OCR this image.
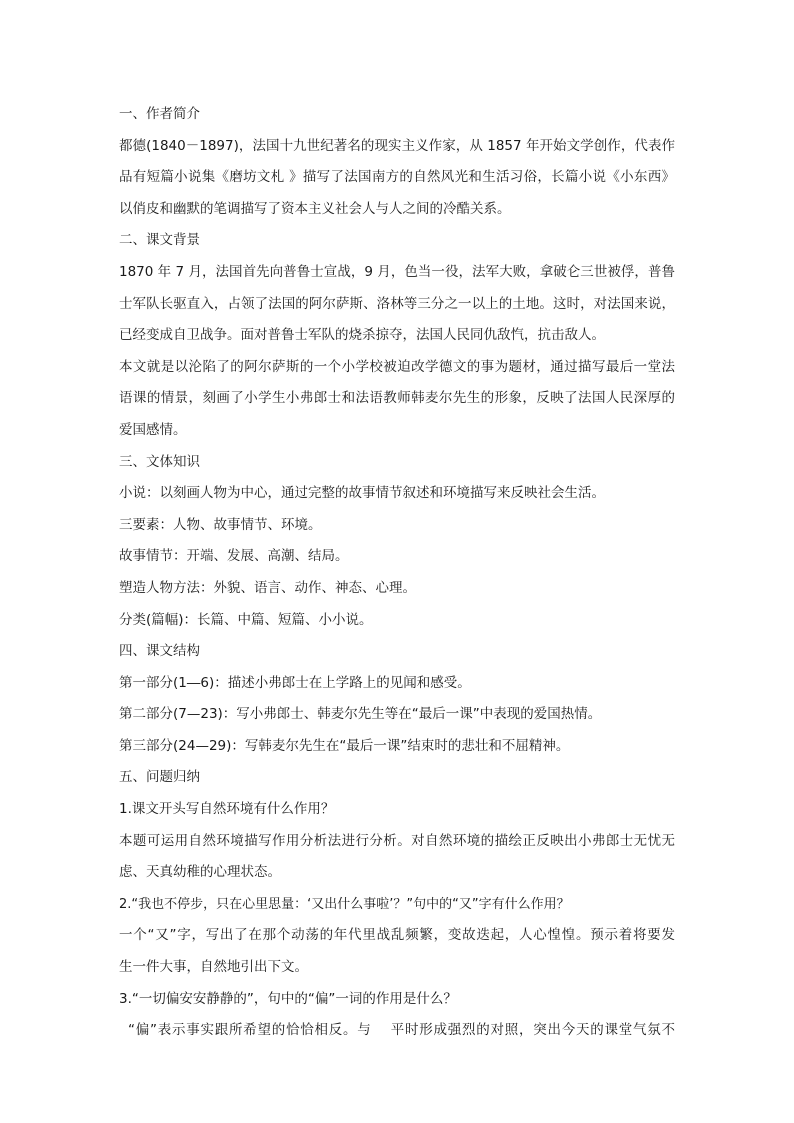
一、作者简介
都德(1840－1897)，法国十九世纪著名的现实主义作家，从 1857 年开始文学创作，代表作
品有短篇小说集《磨坊文札 》描写了法国南方的自然风光和生活习俗，长篇小说《小东西》
以俏皮和幽默的笔调描写了资本主义社会人与人之间的冷酷关系。
二、课文背景
1870 年 7 月，法国首先向普鲁士宣战，9 月，色当一役，法军大败，拿破仑三世被俘，普鲁
士军队长驱直入，占领了法国的阿尔萨斯、洛林等三分之一以上的土地。这时，对法国来说，
已经变成自卫战争。面对普鲁士军队的烧杀掠夺，法国人民同仇敌忾，抗击敌人。
本文就是以沦陷了的阿尔萨斯的一个小学校被迫改学德文的事为题材，通过描写最后一堂法
语课的情景，刻画了小学生小弗郎士和法语教师韩麦尔先生的形象，反映了法国人民深厚的
爱国感情。
三、文体知识
小说：以刻画人物为中心，通过完整的故事情节叙述和环境描写来反映社会生活。
三要素：人物、故事情节、环境。
故事情节：开端、发展、高潮、结局。
塑造人物方法：外貌、语言、动作、神态、心理。
分类(篇幅)：长篇、中篇、短篇、小小说。
四、课文结构
第一部分(1―6)：描述小弗郎士在上学路上的见闻和感受。
第二部分(7—23)：写小弗郎士、韩麦尔先生等在“最后一课”中表现的爱国热情。
第三部分(24—29)：写韩麦尔先生在“最后一课”结束时的悲壮和不屈精神。
五、问题归纳
1.课文开头写自然环境有什么作用？
本题可运用自然环境描写作用分析法进行分析。对自然环境的描绘正反映出小弗郎士无忧无
虑、天真幼稚的心理状态。
2.“我也不停步，只在心里思量：‘又出什么事啦’？”句中的“又”字有什么作用？
一个“又”字，写出了在那个动荡的年代里战乱频繁，变故迭起，人心惶惶。预示着将要发
生一件大事，自然地引出下文。
3.“一切偏安安静静的”，句中的“偏”一词的作用是什么？
“偏”表示事实跟所希望的恰恰相反。与　 平时形成强烈的对照，突出今天的课堂气氛不
